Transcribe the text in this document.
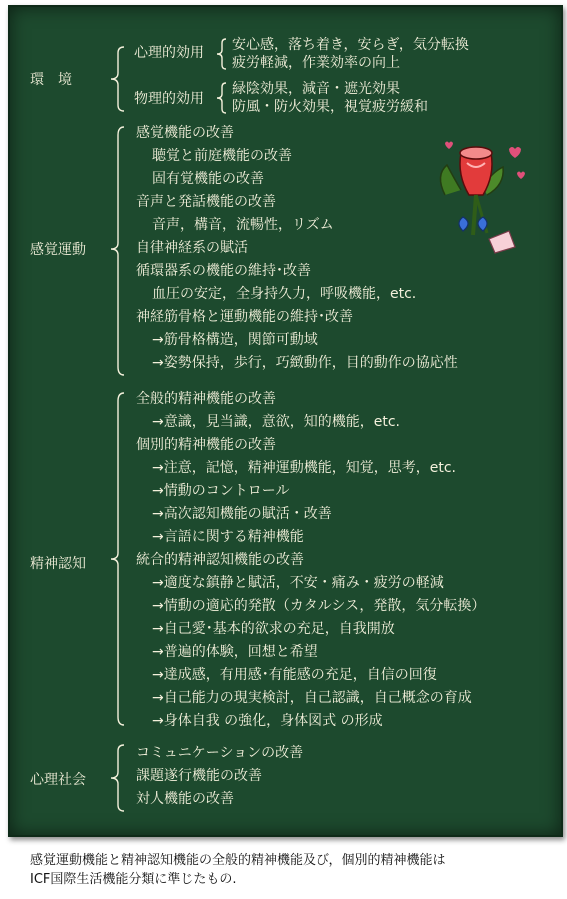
環　境
心理的効用 安心感，落ち着き，安らぎ，気分転換
疲労軽減，作業効率の向上
物理的効用
緑陰効果，減音・遮光効果
防風・防火効果，視覚疲労緩和
感覚運動
感覚機能の改善
聴覚と前庭機能の改善
固有覚機能の改善
音声と発話機能の改善
音声，構音，流暢性，リズム
自律神経系の賦活
循環器系の機能の維持･改善
血圧の安定，全身持久力，呼吸機能，etc.
神経筋骨格と運動機能の維持･改善
→筋骨格構造，関節可動域
→姿勢保持，歩行，巧緻動作，目的動作の協応性
精神認知
全般的精神機能の改善
→意識，見当識，意欲，知的機能，etc.
個別的精神機能の改善
→注意，記憶，精神運動機能，知覚，思考，etc.
→情動のコントロール
→高次認知機能の賦活・改善
→言語に関する精神機能
統合的精神認知機能の改善
→適度な鎮静と賦活，不安・痛み・疲労の軽減
→情動の適応的発散（カタルシス，発散，気分転換）
→自己愛･基本的欲求の充足，自我開放
→普遍的体験，回想と希望
→達成感，有用感･有能感の充足，自信の回復
→自己能力の現実検討，自己認識，自己概念の育成
→身体自我 の強化，身体図式 の形成
心理社会
コミュニケーションの改善
課題遂行機能の改善
対人機能の改善
感覚運動機能と精神認知機能の全般的精神機能及び，個別的精神機能は
ICF国際生活機能分類に準じたもの.
